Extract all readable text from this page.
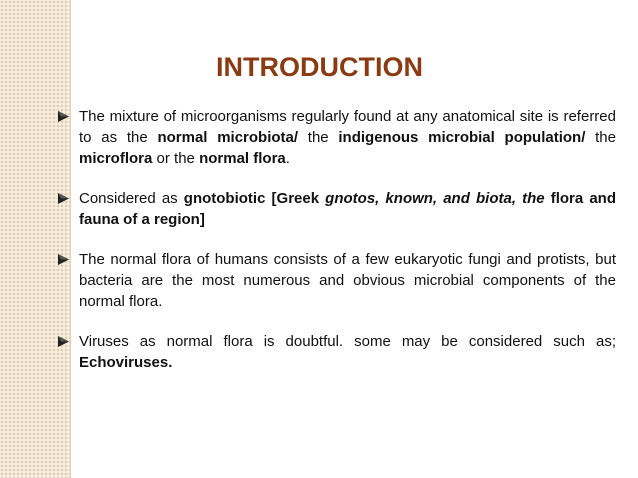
INTRODUCTION
The mixture of microorganisms regularly found at any anatomical site is referred to as the normal microbiota/ the indigenous microbial population/ the microflora or the normal flora.
Considered as gnotobiotic [Greek gnotos, known, and biota, the flora and fauna of a region]
The normal flora of humans consists of a few eukaryotic fungi and protists, but bacteria are the most numerous and obvious microbial components of the normal flora.
Viruses as normal flora is doubtful. some may be considered such as; Echoviruses.
